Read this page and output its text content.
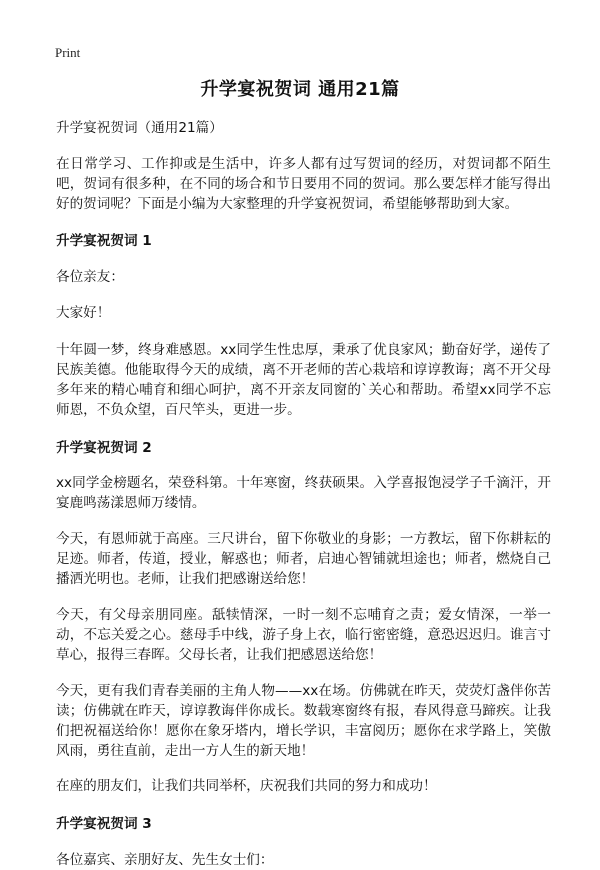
Print
升学宴祝贺词 通用21篇

升学宴祝贺词（通用21篇）

在日常学习、工作抑或是生活中，许多人都有过写贺词的经历，对贺词都不陌生吧，贺词有很多种，在不同的场合和节日要用不同的贺词。那么要怎样才能写得出好的贺词呢？下面是小编为大家整理的升学宴祝贺词，希望能够帮助到大家。

升学宴祝贺词 1

各位亲友：

大家好！

十年圆一梦，终身难感恩。xx同学生性忠厚，秉承了优良家风；勤奋好学，递传了民族美德。他能取得今天的成绩，离不开老师的苦心栽培和谆谆教诲；离不开父母多年来的精心哺育和细心呵护，离不开亲友同窗的`关心和帮助。希望xx同学不忘师恩，不负众望，百尺竿头，更进一步。

升学宴祝贺词 2

xx同学金榜题名，荣登科第。十年寒窗，终获硕果。入学喜报饱浸学子千滴汗，开宴鹿鸣荡漾恩师万缕情。

今天，有恩师就于高座。三尺讲台，留下你敬业的身影；一方教坛，留下你耕耘的足迹。师者，传道，授业，解惑也；师者，启迪心智铺就坦途也；师者，燃烧自己播洒光明也。老师，让我们把感谢送给您！

今天，有父母亲朋同座。舐犊情深，一时一刻不忘哺育之责；爱女情深，一举一动，不忘关爱之心。慈母手中线，游子身上衣，临行密密缝，意恐迟迟归。谁言寸草心，报得三春晖。父母长者，让我们把感恩送给您！

今天，更有我们青春美丽的主角人物——xx在场。仿佛就在昨天，荧荧灯盏伴你苦读；仿佛就在昨天，谆谆教诲伴你成长。数载寒窗终有报，春风得意马蹄疾。让我们把祝福送给你！愿你在象牙塔内，增长学识，丰富阅历；愿你在求学路上，笑傲风雨，勇往直前，走出一方人生的新天地！

在座的朋友们，让我们共同举杯，庆祝我们共同的努力和成功！

升学宴祝贺词 3

各位嘉宾、亲朋好友、先生女士们：
